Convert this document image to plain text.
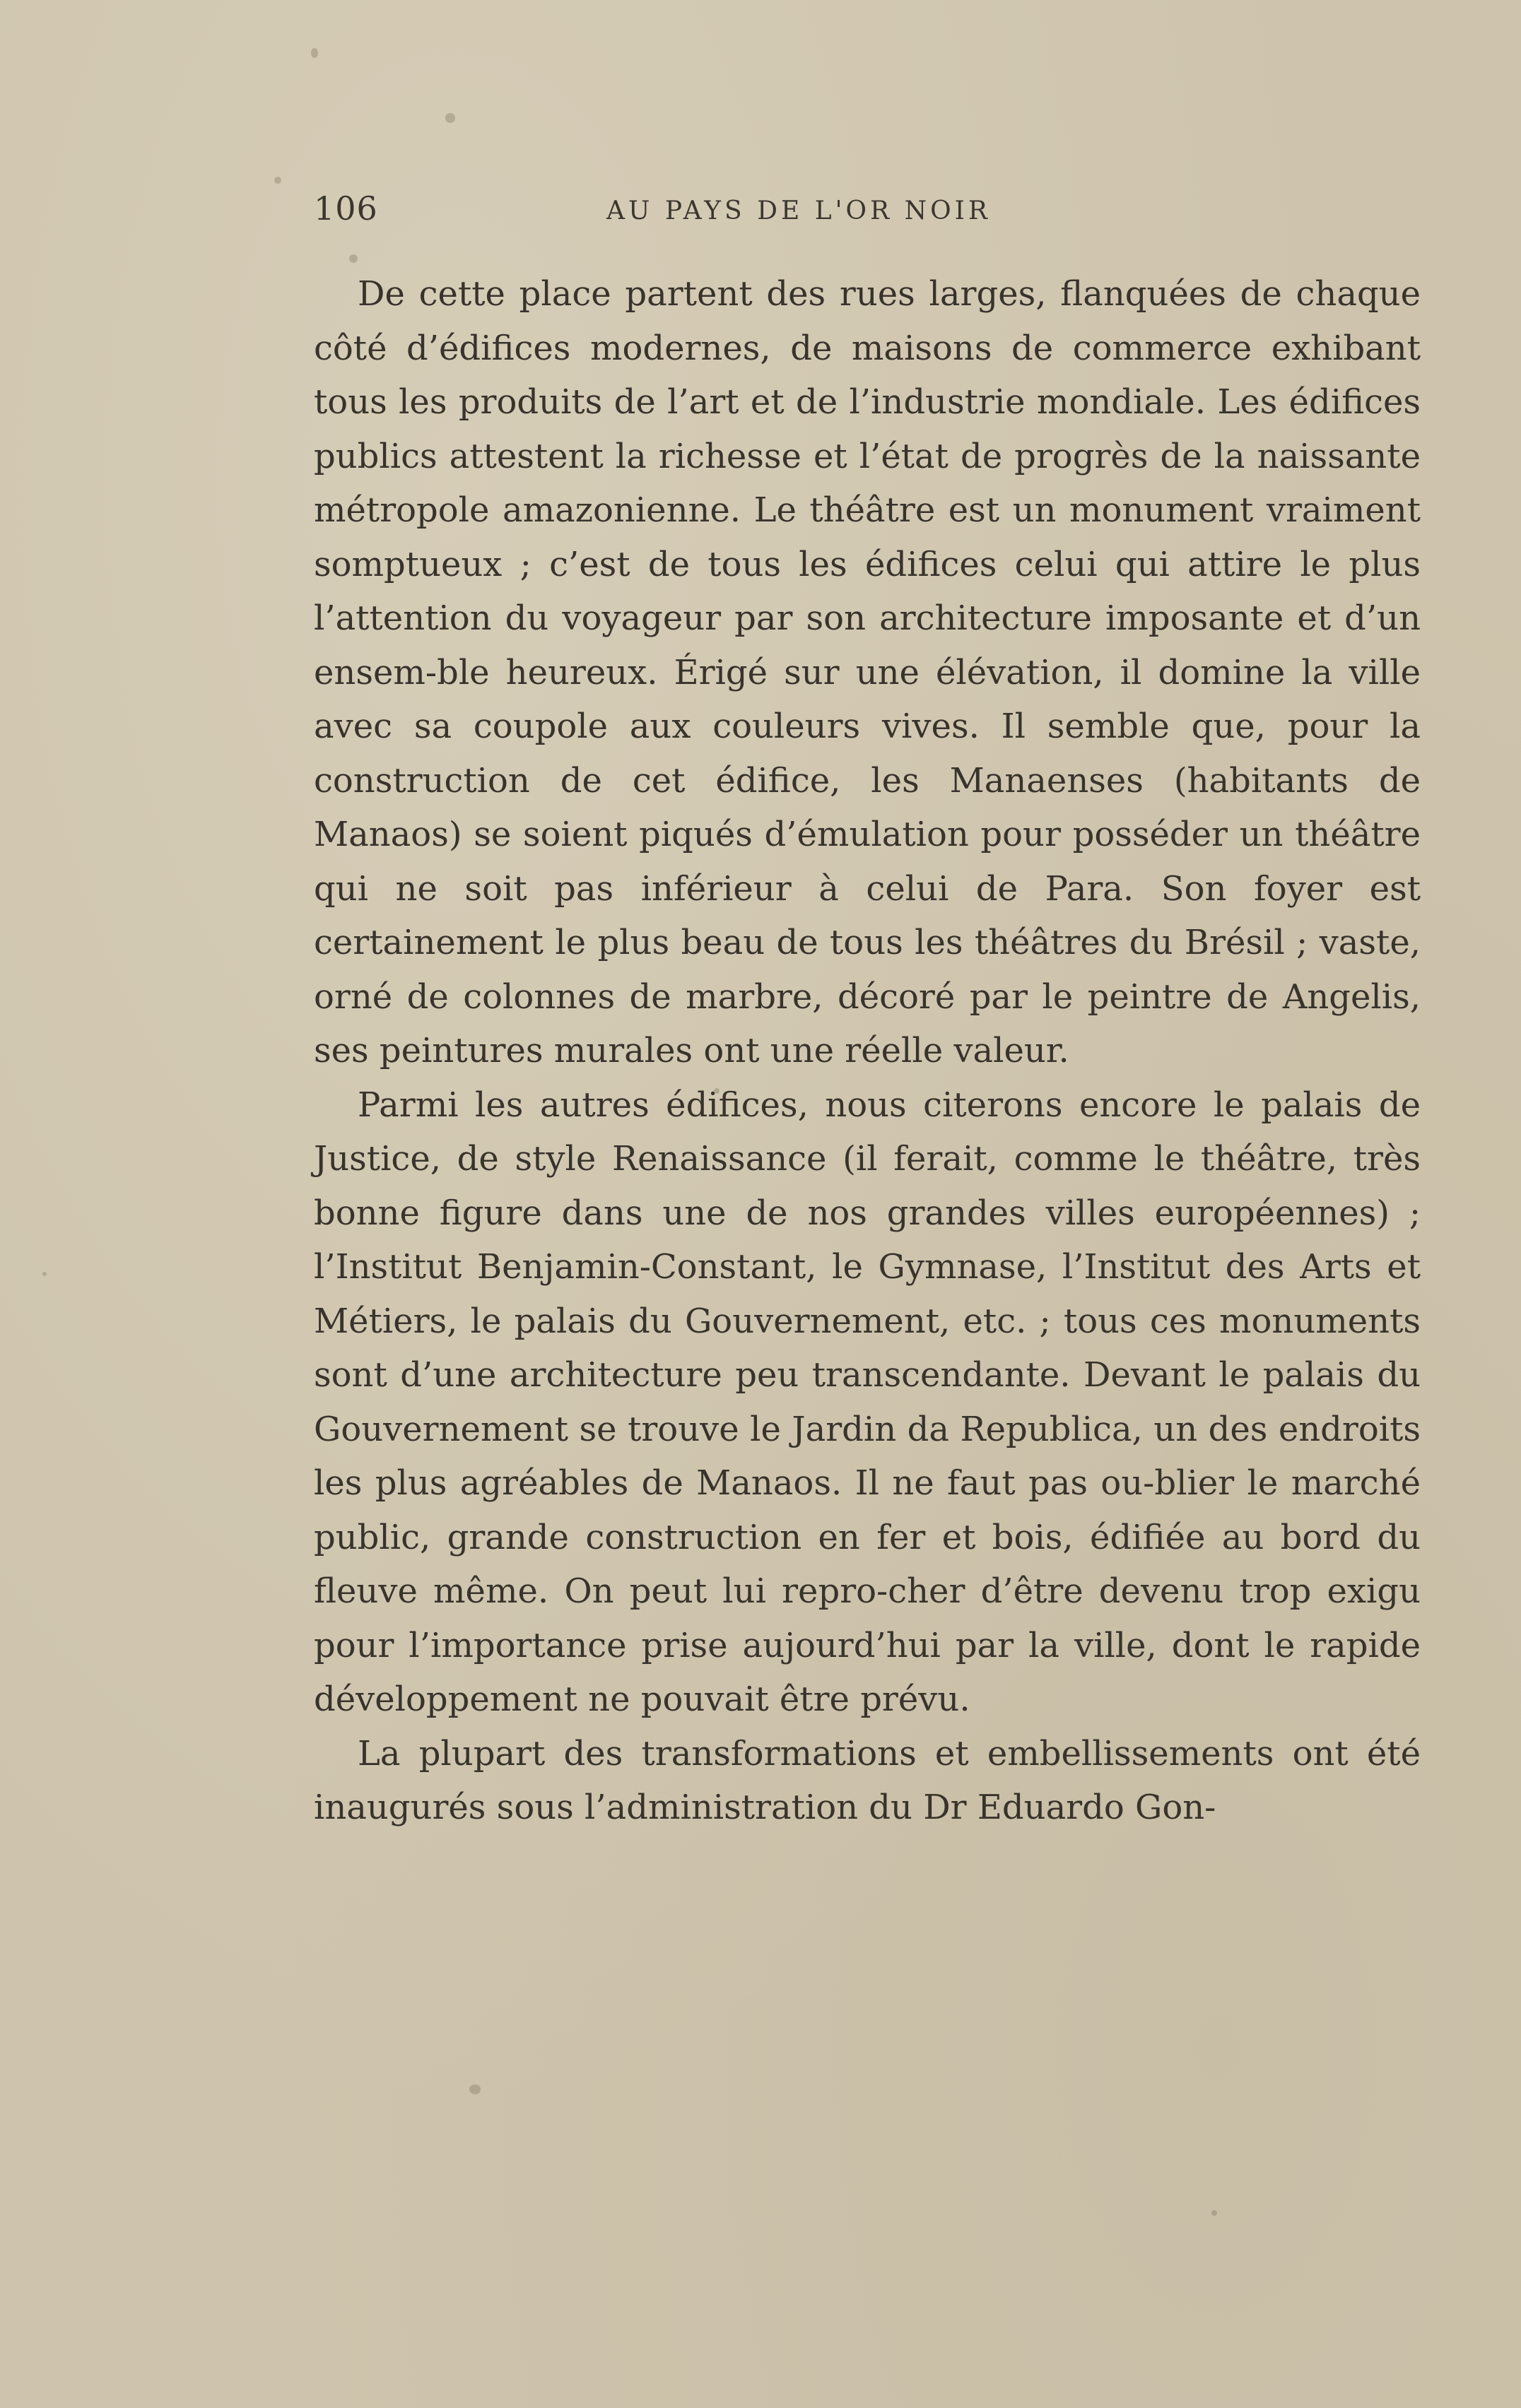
106	AU PAYS DE L'OR NOIR

De cette place partent des rues larges, flanquées de chaque côté d’édifices modernes, de maisons de commerce exhibant tous les produits de l’art et de l’industrie mondiale. Les édifices publics attestent la richesse et l’état de progrès de la naissante métropole amazonienne. Le théâtre est un monument vraiment somptueux ; c’est de tous les édifices celui qui attire le plus l’attention du voyageur par son architecture imposante et d’un ensem-ble heureux. Érigé sur une élévation, il domine la ville avec sa coupole aux couleurs vives. Il semble que, pour la construction de cet édifice, les Manaenses (habitants de Manaos) se soient piqués d’émulation pour posséder un théâtre qui ne soit pas inférieur à celui de Para. Son foyer est certainement le plus beau de tous les théâtres du Brésil ; vaste, orné de colonnes de marbre, décoré par le peintre de Angelis, ses peintures murales ont une réelle valeur.

Parmi les autres édifices, nous citerons encore le palais de Justice, de style Renaissance (il ferait, comme le théâtre, très bonne figure dans une de nos grandes villes européennes) ; l’Institut Benjamin-Constant, le Gymnase, l’Institut des Arts et Métiers, le palais du Gouvernement, etc. ; tous ces monuments sont d’une architecture peu transcendante. Devant le palais du Gouvernement se trouve le Jardin da Republica, un des endroits les plus agréables de Manaos. Il ne faut pas ou-blier le marché public, grande construction en fer et bois, édifiée au bord du fleuve même. On peut lui repro-cher d’être devenu trop exigu pour l’importance prise aujourd’hui par la ville, dont le rapide développement ne pouvait être prévu.

La plupart des transformations et embellissements ont été inaugurés sous l’administration du Dr Eduardo Gon-
